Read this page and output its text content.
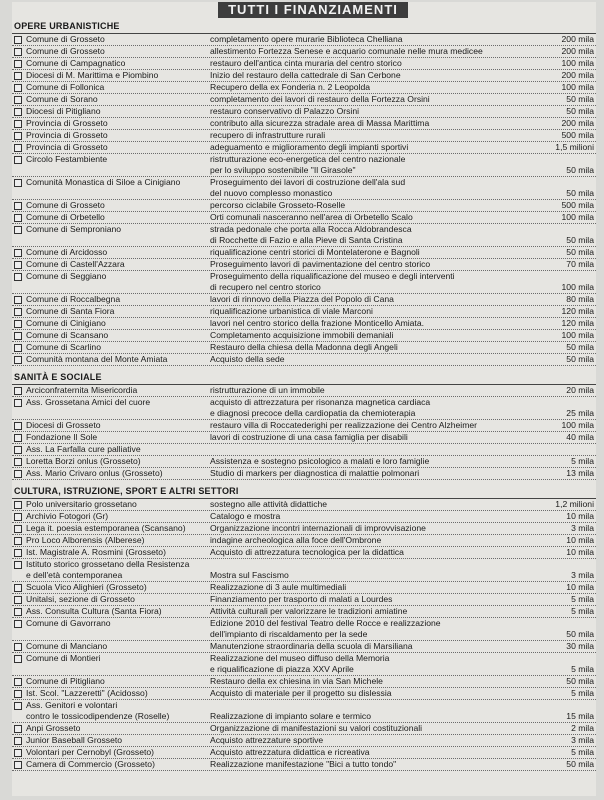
TUTTI I FINANZIAMENTI
OPERE URBANISTICHE
Comune di Grosseto	completamento opere murarie Biblioteca Chelliana	200 mila
Comune di Grosseto	allestimento Fortezza Senese e acquario comunale nelle mura medicee	200 mila
Comune di Campagnatico	restauro dell'antica cinta muraria del centro storico	100 mila
Diocesi di M. Marittima e Piombino	Inizio del restauro della cattedrale di San Cerbone	200 mila
Comune di Follonica	Recupero della ex Fonderia n. 2 Leopolda	100 mila
Comune di Sorano	completamento dei lavori di restauro della Fortezza Orsini	50 mila
Diocesi di Pitigliano	restauro conservativo di Palazzo Orsini	50 mila
Provincia di Grosseto	contributo alla sicurezza stradale area di Massa Marittima	200 mila
Provincia di Grosseto	recupero di infrastrutture rurali	500 mila
Provincia di Grosseto	adeguamento e miglioramento degli impianti sportivi	1,5 milioni
Circolo Festambiente	ristrutturazione eco-energetica del centro nazionale
per lo sviluppo sostenibile "Il Girasole"	50 mila
Comunità Monastica di Siloe a Cinigiano	Proseguimento dei lavori di costruzione dell'ala sud
del nuovo complesso monastico	50 mila
Comune di Grosseto	percorso ciclabile Grosseto-Roselle	500 mila
Comune di Orbetello	Orti comunali nasceranno nell'area di Orbetello Scalo	100 mila
Comune di Semproniano	strada pedonale che porta alla Rocca Aldobrandesca
di Rocchette di Fazio e alla Pieve di Santa Cristina	50 mila
Comune di Arcidosso	riqualificazione centri storici di Montelaterone e Bagnoli	50 mila
Comune di Castell'Azzara	Proseguimento lavori di pavimentazione del centro storico	70 mila
Comune di Seggiano	Proseguimento della riqualificazione del museo e degli interventi
di recupero nel centro storico	100 mila
Comune di Roccalbegna	lavori di rinnovo della Piazza del Popolo di Cana	80 mila
Comune di Santa Fiora	riqualificazione urbanistica di viale Marconi	120 mila
Comune di Cinigiano	lavori nel centro storico della frazione Monticello Amiata.	120 mila
Comune di Scansano	Completamento acquisizione immobili demaniali	100 mila
Comune di Scarlino	Restauro della chiesa della Madonna degli Angeli	50 mila
Comunità montana del Monte Amiata	Acquisto della sede	50 mila
SANITÀ E SOCIALE
Arciconfraternita Misericordia	ristrutturazione di un immobile	20 mila
Ass. Grossetana Amici del cuore	acquisto di attrezzatura per risonanza magnetica cardiaca
e diagnosi precoce della cardiopatia da chemioterapia	25 mila
Diocesi di Grosseto	restauro villa di Roccatederighi per realizzazione dei Centro Alzheimer	100 mila
Fondazione Il Sole	lavori di costruzione di una casa famiglia per disabili	40 mila
Ass. La Farfalla cure palliative
Loretta Borzi onlus (Grosseto)	Assistenza e sostegno psicologico a malati e loro famiglie	5 mila
Ass. Mario Crivaro onlus (Grosseto)	Studio di markers per diagnostica di malattie polmonari	13 mila
CULTURA, ISTRUZIONE, SPORT E ALTRI SETTORI
Polo universitario grossetano	sostegno alle attività didattiche	1,2 milioni
Archivio Fotogori (Gr)	Catalogo e mostra	10 mila
Lega it. poesia estemporanea (Scansano)	Organizzazione incontri internazionali di improvvisazione	3 mila
Pro Loco Alborensis (Alberese)	indagine archeologica alla foce dell'Ombrone	10 mila
Ist. Magistrale A. Rosmini (Grosseto)	Acquisto di attrezzatura tecnologica per la didattica	10 mila
Istituto storico grossetano della Resistenza
e dell'età contemporanea	
Mostra sul Fascismo	3 mila
Scuola Vico Alighieri (Grosseto)	Realizzazione di 3 aule multimediali	10 mila
Unitalsi, sezione di Grosseto	Finanziamento per trasporto di malati a Lourdes	5 mila
Ass. Consulta Cultura (Santa Fiora)	Attività culturali per valorizzare le tradizioni amiatine	5 mila
Comune di Gavorrano	Edizione 2010 del festival Teatro delle Rocce e realizzazione
dell'impianto di riscaldamento per la sede	50 mila
Comune di Manciano	Manutenzione straordinaria della scuola di Marsiliana	30 mila
Comune di Montieri	Realizzazione del museo diffuso della Memoria
e riqualificazione di piazza XXV Aprile	5 mila
Comune di Pitigliano	Restauro della ex chiesina in via San Michele	50 mila
Ist. Scol. "Lazzeretti" (Acidosso)	Acquisto di materiale per il progetto su dislessia	5 mila
Ass. Genitori e volontari
contro le tossicodipendenze (Roselle)	
Realizzazione di impianto solare e termico	15 mila
Anpi Grosseto	Organizzazione di manifestazioni su valori costituzionali	2 mila
Junior Baseball Grosseto	Acquisto attrezzature sportive	3 mila
Volontari per Cernobyl (Grosseto)	Acquisto attrezzatura didattica e ricreativa	5 mila
Camera di Commercio (Grosseto)	Realizzazione manifestazione "Bici a tutto tondo"	50 mila
